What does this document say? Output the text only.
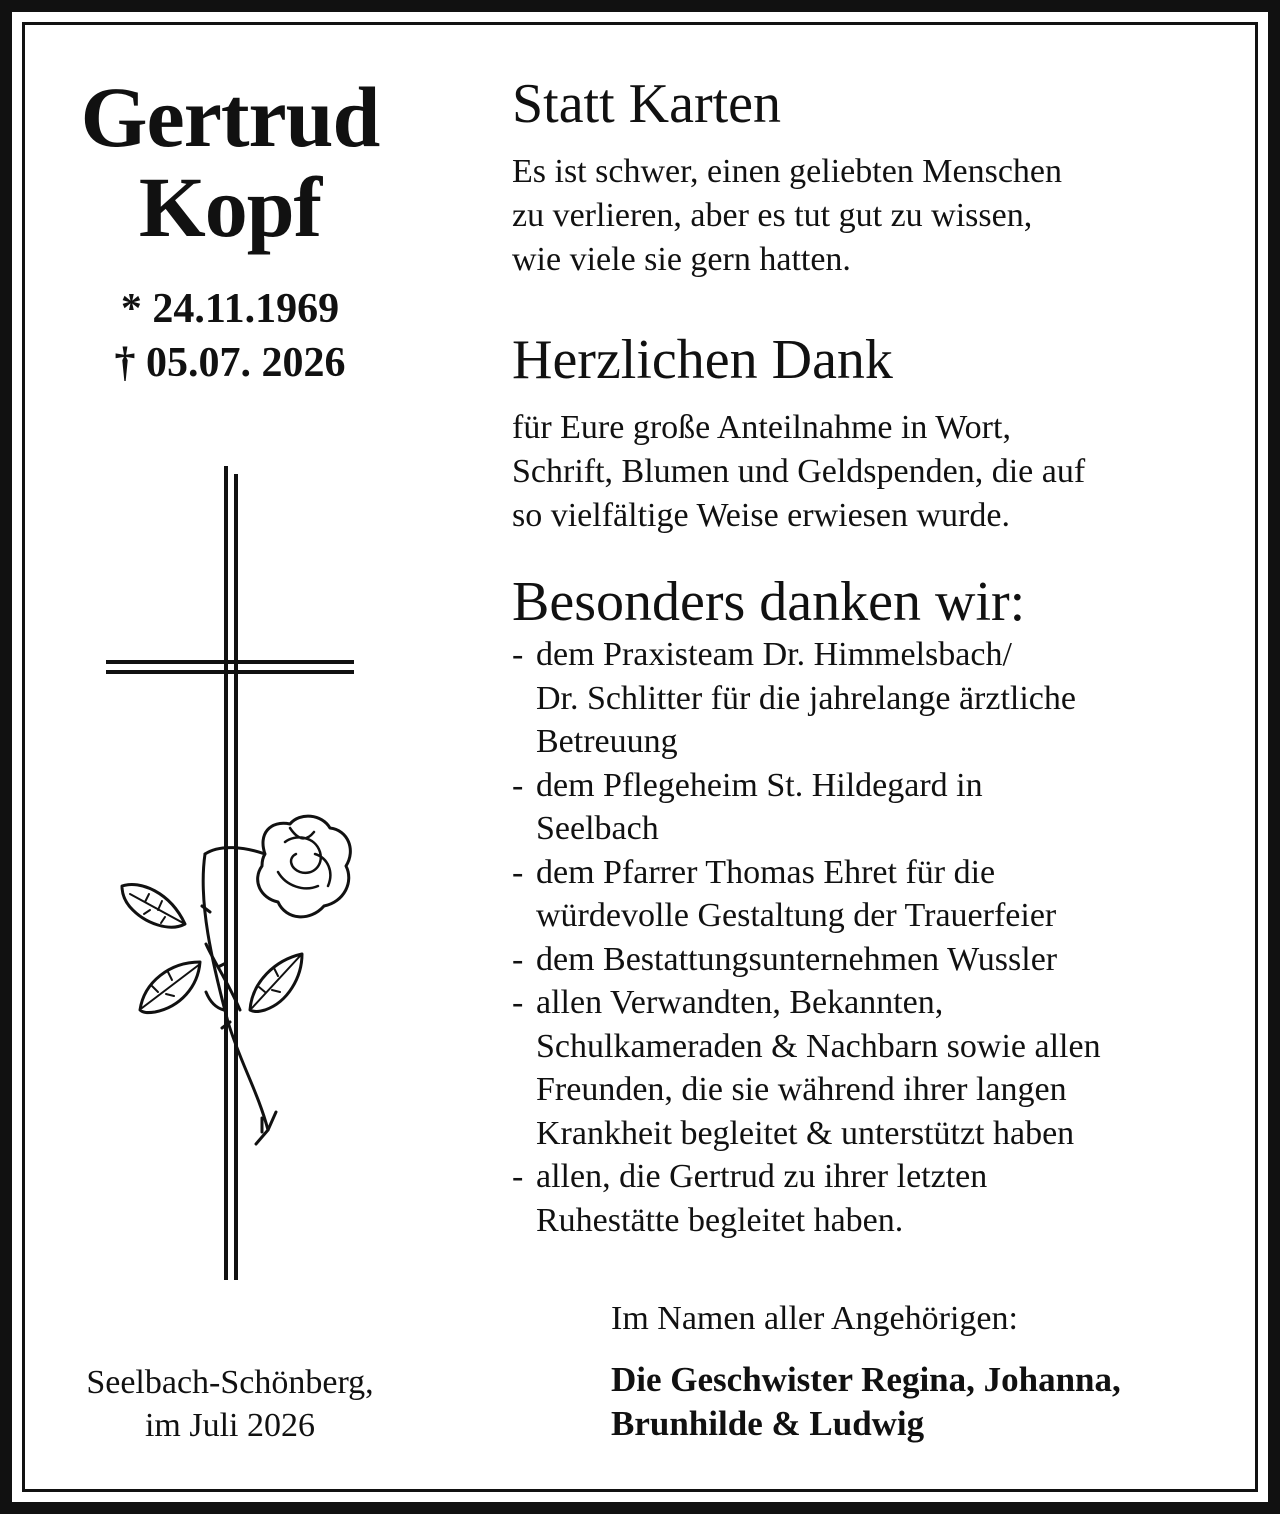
Gertrud
Kopf
* 24.11.1969
† 05.07. 2026
Seelbach-Schönberg,
im Juli 2026
Statt Karten
Es ist schwer, einen geliebten Menschen
zu verlieren, aber es tut gut zu wissen,
wie viele sie gern hatten.
Herzlichen Dank
für Eure große Anteilnahme in Wort,
Schrift, Blumen und Geldspenden, die auf
so vielfältige Weise erwiesen wurde.
Besonders danken wir:
- dem Praxisteam Dr. Himmelsbach/
Dr. Schlitter für die jahrelange ärztliche
Betreuung
- dem Pflegeheim St. Hildegard in
Seelbach
- dem Pfarrer Thomas Ehret für die
würdevolle Gestaltung der Trauerfeier
- dem Bestattungsunternehmen Wussler
- allen Verwandten, Bekannten,
Schulkameraden & Nachbarn sowie allen
Freunden, die sie während ihrer langen
Krankheit begleitet & unterstützt haben
- allen, die Gertrud zu ihrer letzten
Ruhestätte begleitet haben.
Im Namen aller Angehörigen:
Die Geschwister Regina, Johanna,
Brunhilde & Ludwig
